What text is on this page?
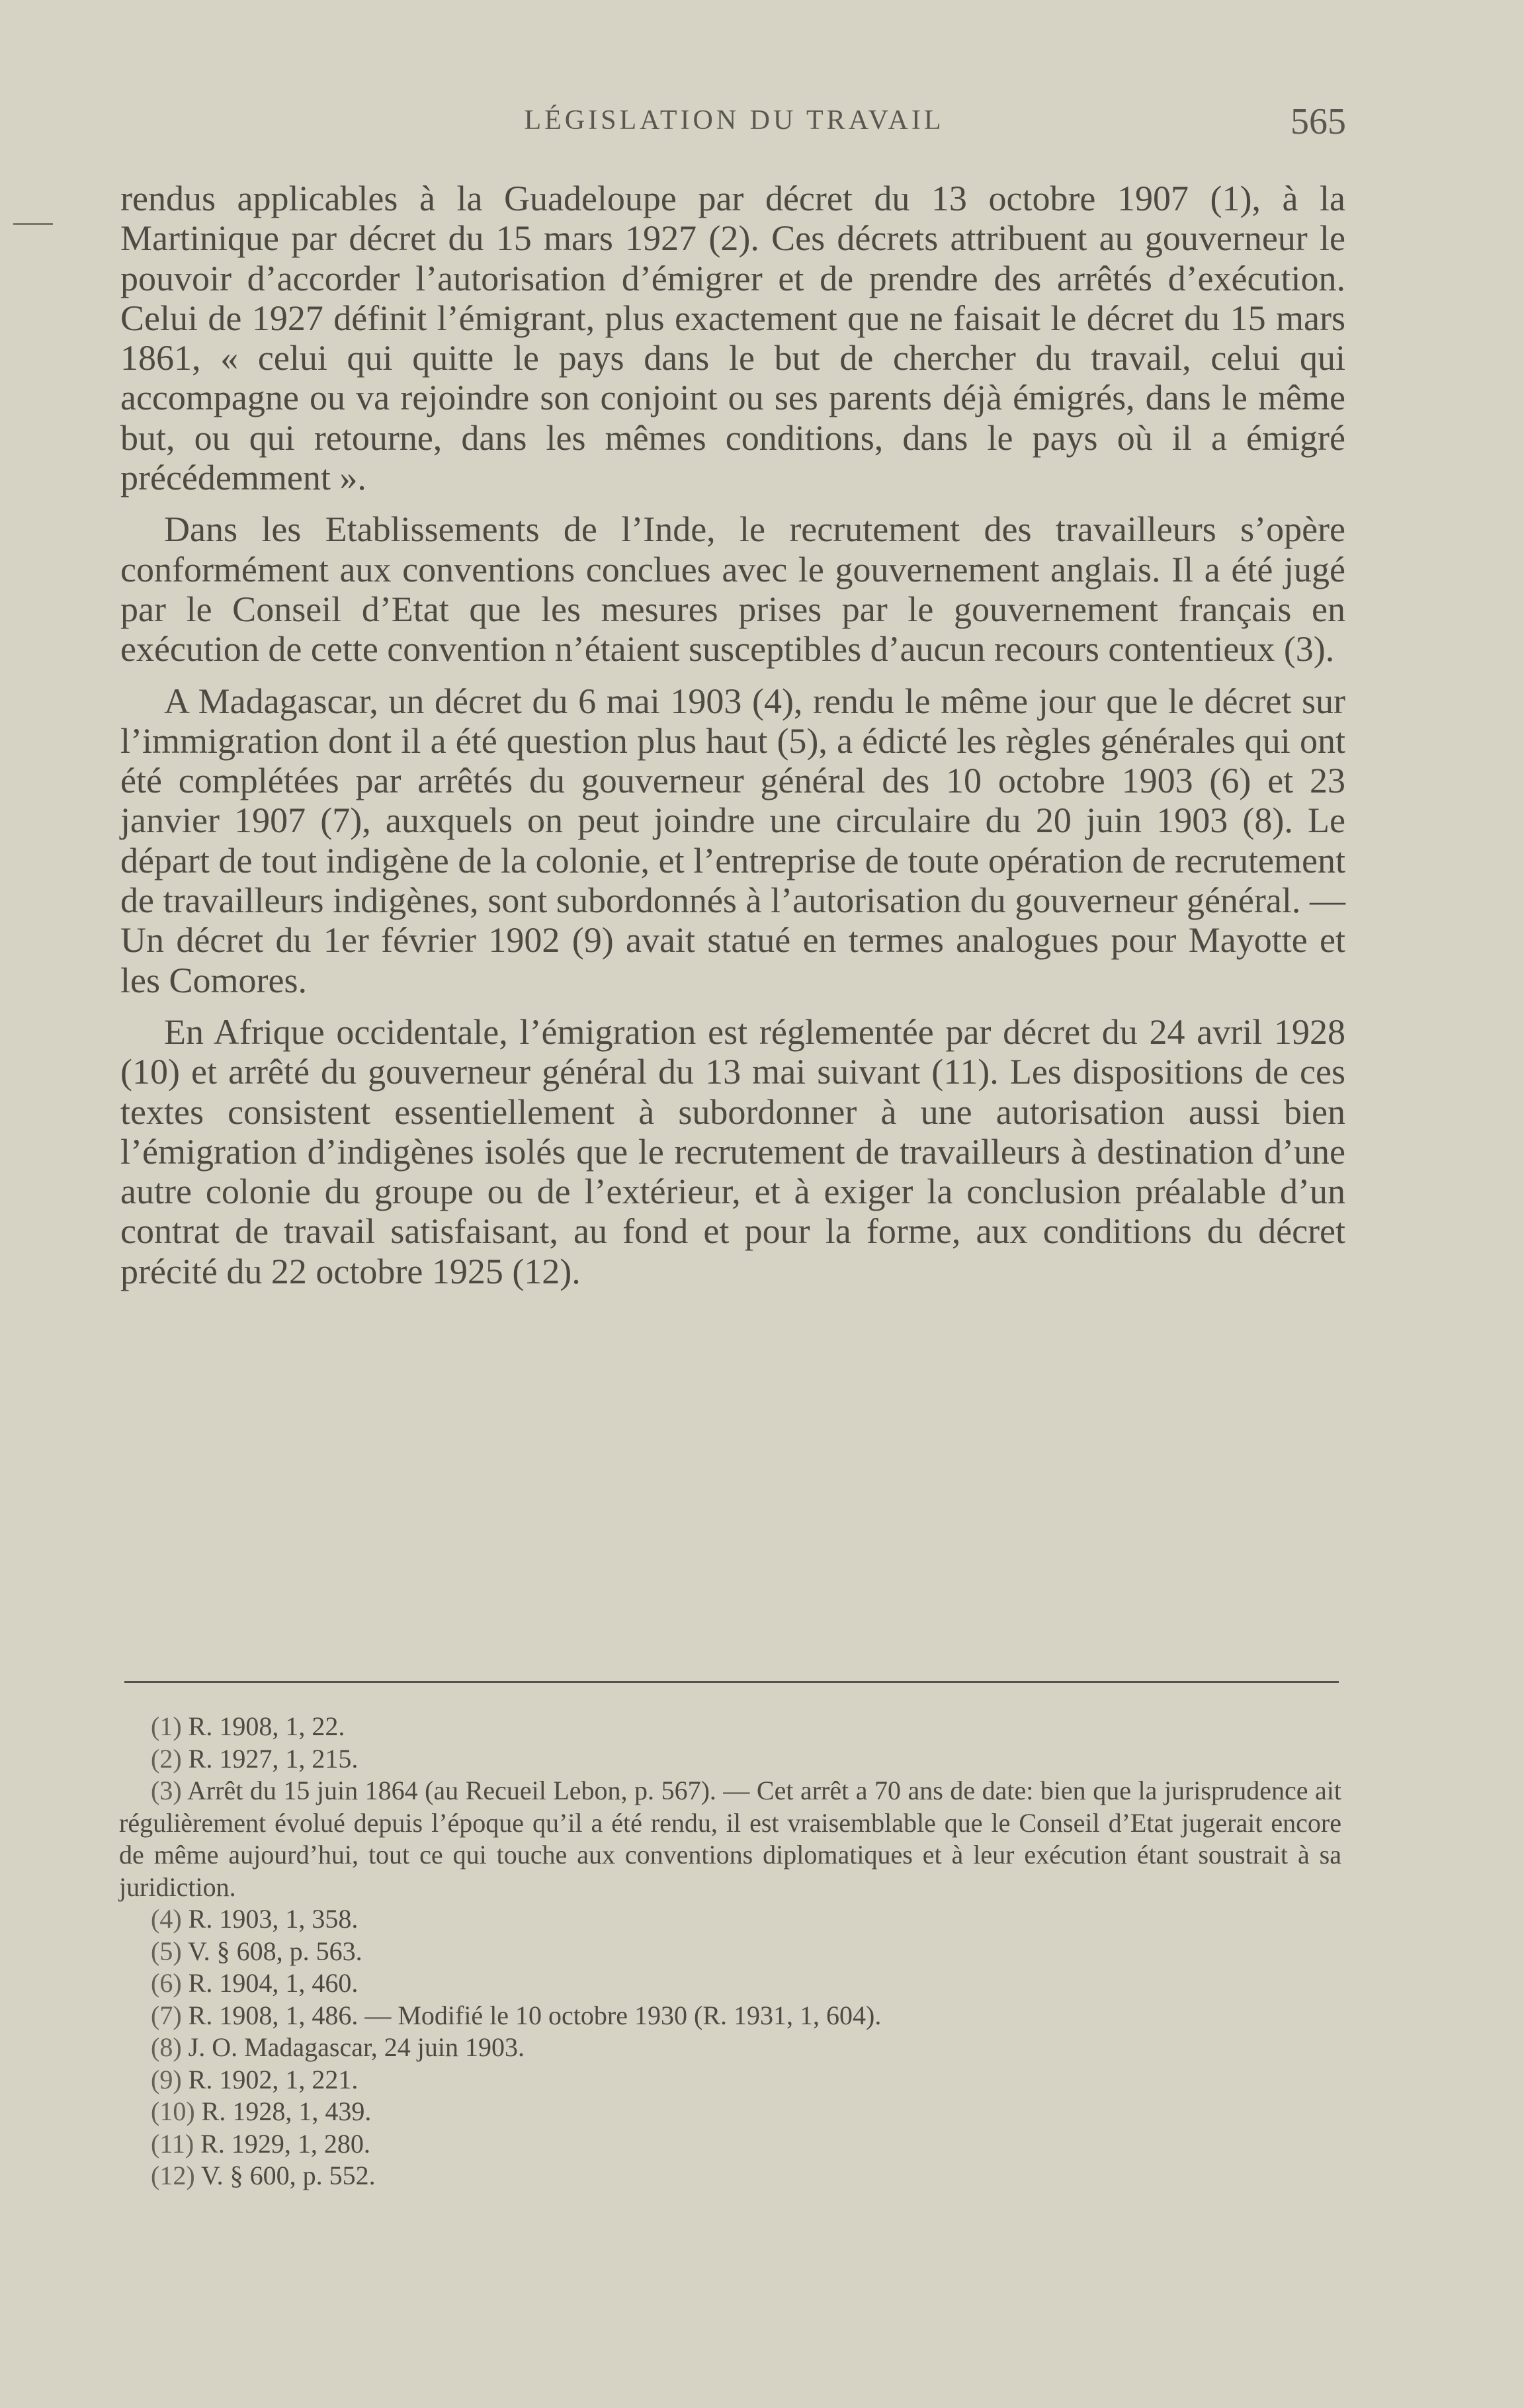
LÉGISLATION DU TRAVAIL	565

rendus applicables à la Guadeloupe par décret du 13 octobre 1907 (1), à la Martinique par décret du 15 mars 1927 (2). Ces décrets attribuent au gouverneur le pouvoir d’accorder l’autorisation d’émigrer et de prendre des arrêtés d’exécution. Celui de 1927 définit l’émigrant, plus exactement que ne faisait le décret du 15 mars 1861, « celui qui quitte le pays dans le but de chercher du travail, celui qui accompagne ou va rejoindre son conjoint ou ses parents déjà émigrés, dans le même but, ou qui retourne, dans les mêmes conditions, dans le pays où il a émigré précédemment ».

Dans les Etablissements de l’Inde, le recrutement des travailleurs s’opère conformément aux conventions conclues avec le gouvernement anglais. Il a été jugé par le Conseil d’Etat que les mesures prises par le gouvernement français en exécution de cette convention n’étaient susceptibles d’aucun recours contentieux (3).

A Madagascar, un décret du 6 mai 1903 (4), rendu le même jour que le décret sur l’immigration dont il a été question plus haut (5), a édicté les règles générales qui ont été complétées par arrêtés du gouverneur général des 10 octobre 1903 (6) et 23 janvier 1907 (7), auxquels on peut joindre une circulaire du 20 juin 1903 (8). Le départ de tout indigène de la colonie, et l’entreprise de toute opération de recrutement de travailleurs indigènes, sont subordonnés à l’autorisation du gouverneur général. — Un décret du 1er février 1902 (9) avait statué en termes analogues pour Mayotte et les Comores.

En Afrique occidentale, l’émigration est réglementée par décret du 24 avril 1928 (10) et arrêté du gouverneur général du 13 mai suivant (11). Les dispositions de ces textes consistent essentiellement à subordonner à une autorisation aussi bien l’émigration d’indigènes isolés que le recrutement de travailleurs à destination d’une autre colonie du groupe ou de l’extérieur, et à exiger la conclusion préalable d’un contrat de travail satisfaisant, au fond et pour la forme, aux conditions du décret précité du 22 octobre 1925 (12).

(1) R. 1908, 1, 22.

(2) R. 1927, 1, 215.

(3) Arrêt du 15 juin 1864 (au Recueil Lebon, p. 567). — Cet arrêt a 70 ans de date: bien que la jurisprudence ait régulièrement évolué depuis l’époque qu’il a été rendu, il est vraisemblable que le Conseil d’Etat jugerait encore de même aujourd’hui, tout ce qui touche aux conventions diplomatiques et à leur exécution étant soustrait à sa juridiction.

(4) R. 1903, 1, 358.

(5) V. § 608, p. 563.

(6) R. 1904, 1, 460.

(7) R. 1908, 1, 486. — Modifié le 10 octobre 1930 (R. 1931, 1, 604).

(8) J. O. Madagascar, 24 juin 1903.

(9) R. 1902, 1, 221.

(10) R. 1928, 1, 439.

(11) R. 1929, 1, 280.

(12) V. § 600, p. 552.
